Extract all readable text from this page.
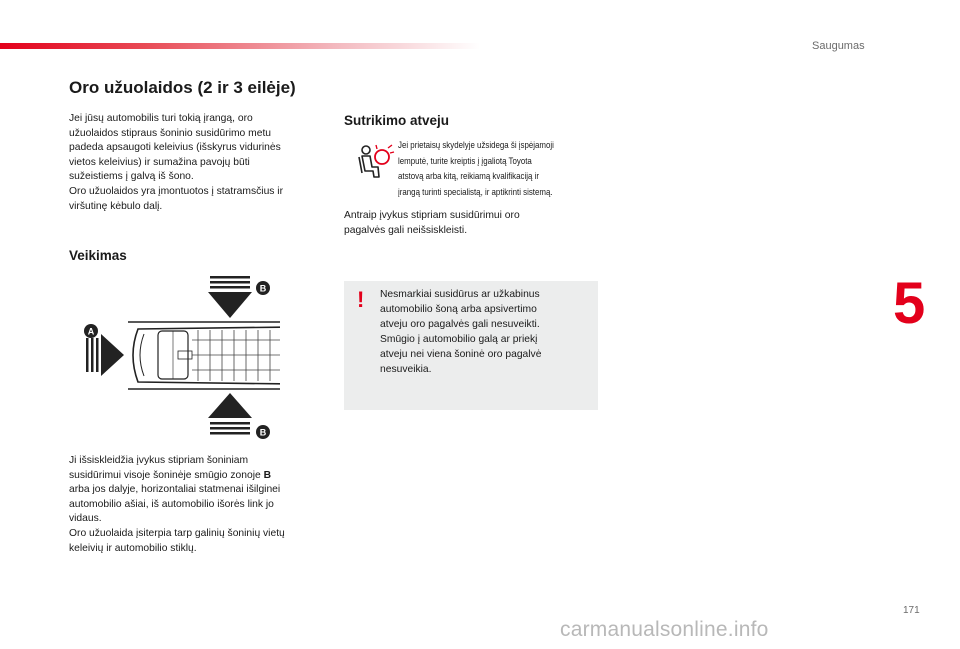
Saugumas
Oro užuolaidos (2 ir 3 eilėje)

Jei jūsų automobilis turi tokią įrangą, oro
užuolaidos stipraus šoninio susidūrimo metu
padeda apsaugoti keleivius (išskyrus vidurinės
vietos keleivius) ir sumažina pavojų būti
sužeistiems į galvą iš šono.
Oro užuolaidos yra įmontuotos į statramsčius ir
viršutinę kėbulo dalį.

Veikimas
B
A
B

Ji išsiskleidžia įvykus stipriam šoniniam
susidūrimui visoje šoninėje smūgio zonoje B
arba jos dalyje, horizontaliai statmenai išilginei
automobilio ašiai, iš automobilio išorės link jo
vidaus.
Oro užuolaida įsiterpia tarp galinių šoninių vietų
keleivių ir automobilio stiklų.

Sutrikimo atveju

Jei prietaisų skydelyje užsidega ši įspėjamoji
lemputė, turite kreiptis į įgaliotą Toyota
atstovą arba kitą, reikiamą kvalifikaciją ir
įrangą turinti specialistą, ir aptikrinti sistemą.

Antraip įvykus stipriam susidūrimui oro
pagalvės gali neišsiskleisti.

! Nesmarkiai susidūrus ar užkabinus
automobilio šoną arba apsivertimo
atveju oro pagalvės gali nesuveikti.
Smūgio į automobilio galą ar priekį
atveju nei viena šoninė oro pagalvė
nesuveikia.

5
171
carmanualsonline.info
